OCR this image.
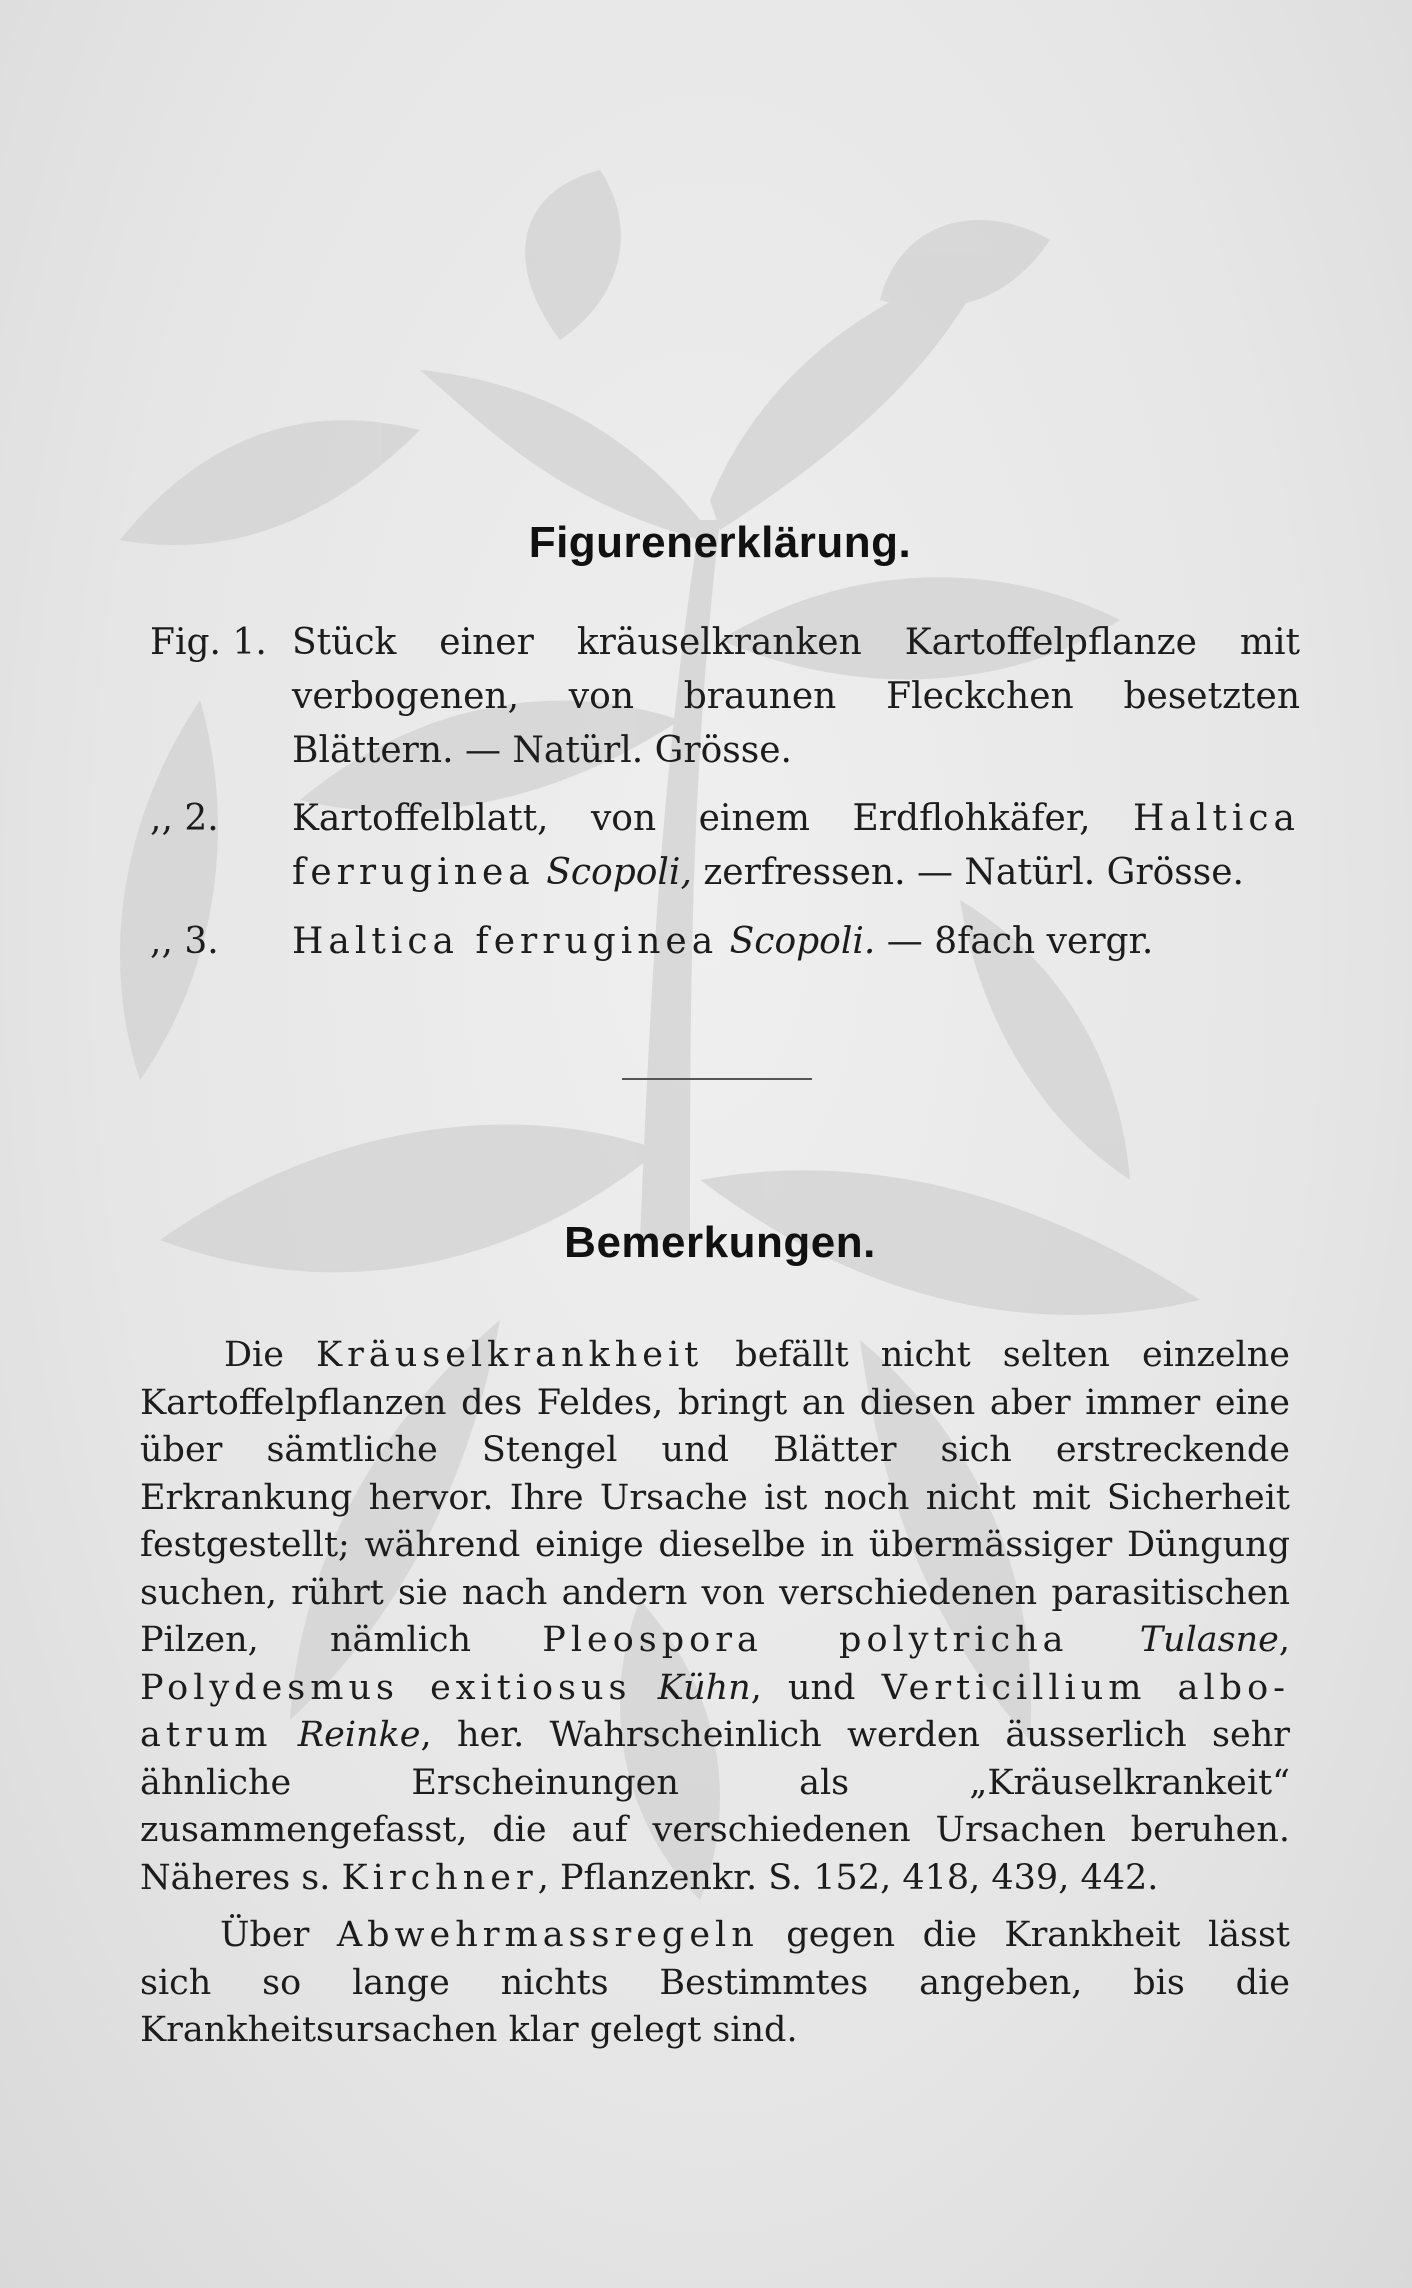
Figurenerklärung.
Fig. 1. Stück einer kräuselkranken Kartoffelpflanze mit verbogenen, von braunen Fleckchen besetzten Blättern. — Natürl. Grösse.
,, 2.	Kartoffelblatt, von einem Erdflohkäfer, Haltica ferruginea Scopoli, zerfressen. — Natürl. Grösse.
,, 3.	Haltica ferruginea Scopoli. — 8fach vergr.
Bemerkungen.
Die Kräuselkrankheit befällt nicht selten einzelne Kartoffelpflanzen des Feldes, bringt an diesen aber immer eine über sämtliche Stengel und Blätter sich erstreckende Erkrankung hervor. Ihre Ursache ist noch nicht mit Sicherheit festgestellt; während einige dieselbe in übermässiger Düngung suchen, rührt sie nach andern von verschiedenen parasitischen Pilzen, nämlich Pleospora polytricha Tulasne, Polydesmus exitiosus Kühn, und Verticillium albo-atrum Reinke, her. Wahrscheinlich werden äusserlich sehr ähnliche Erscheinungen als „Kräuselkrankeit“ zusammengefasst, die auf verschiedenen Ursachen beruhen. Näheres s. Kirchner, Pflanzenkr. S. 152, 418, 439, 442.
Über Abwehrmassregeln gegen die Krankheit lässt sich so lange nichts Bestimmtes angeben, bis die Krankheitsursachen klar gelegt sind.
